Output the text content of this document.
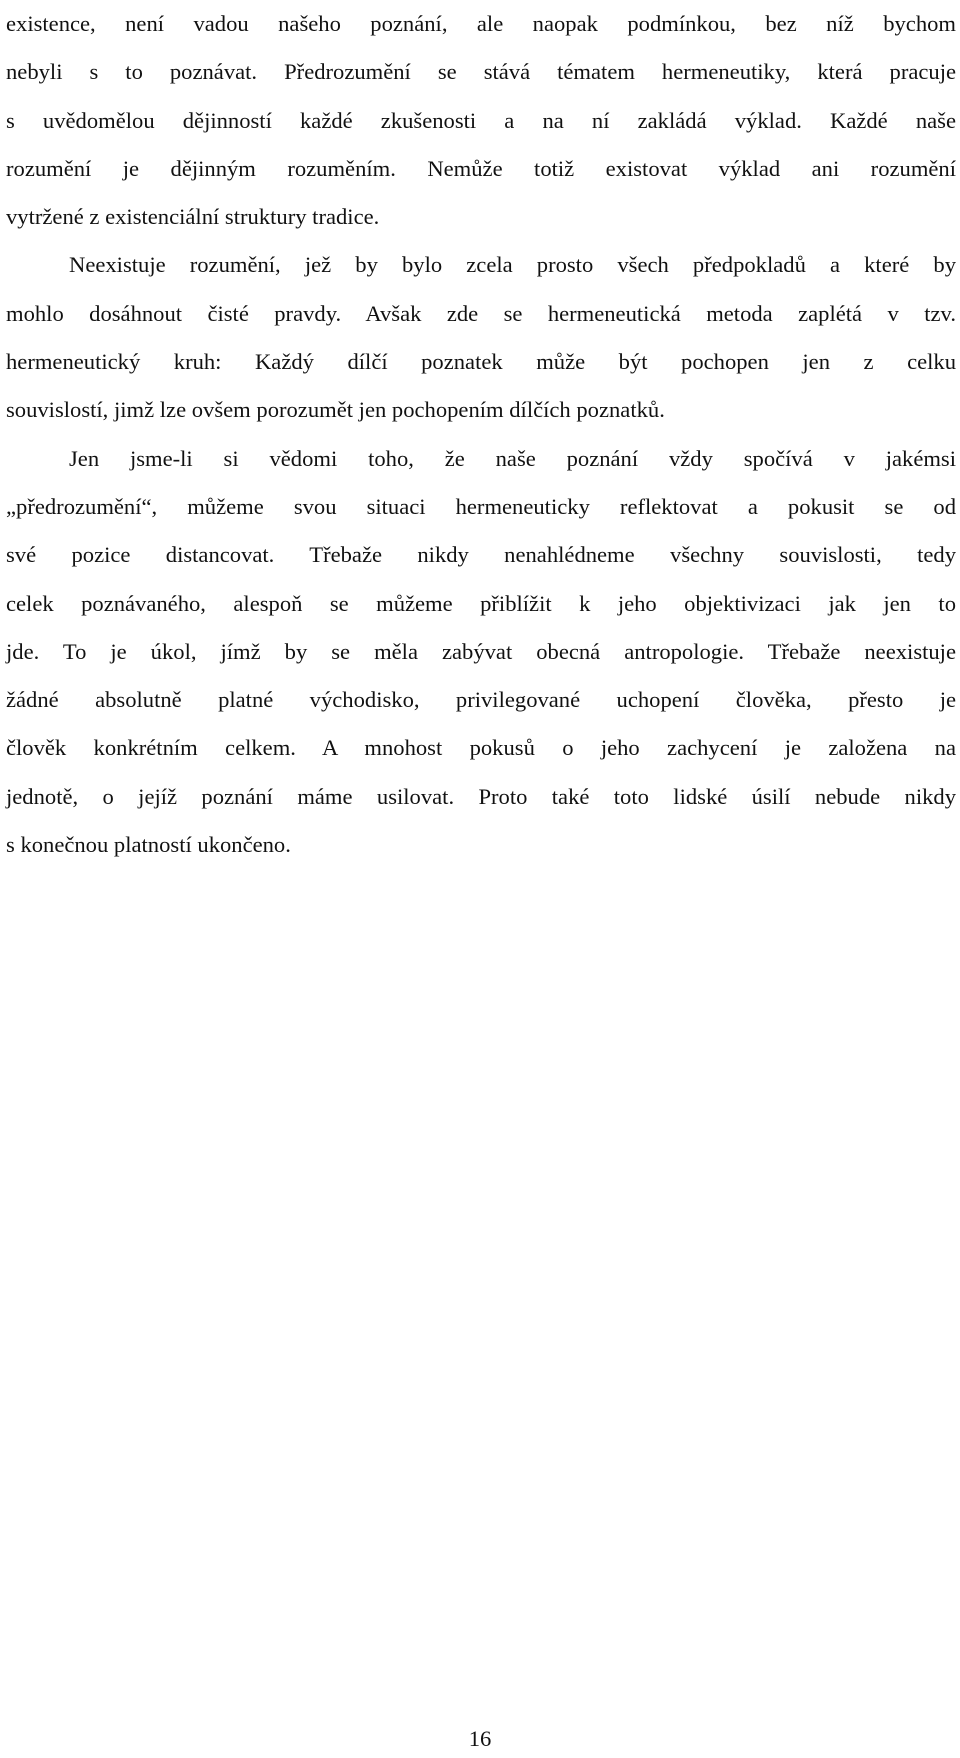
existence, není vadou našeho poznání, ale naopak podmínkou, bez níž bychom
nebyli s to poznávat. Předrozumění se stává tématem hermeneutiky, která pracuje
s uvědomělou dějinností každé zkušenosti a na ní zakládá výklad. Každé naše
rozumění je dějinným rozuměním. Nemůže totiž existovat výklad ani rozumění
vytržené z existenciální struktury tradice.
Neexistuje rozumění, jež by bylo zcela prosto všech předpokladů a které by
mohlo dosáhnout čisté pravdy. Avšak zde se hermeneutická metoda zaplétá v tzv.
hermeneutický kruh: Každý dílčí poznatek může být pochopen jen z celku
souvislostí, jimž lze ovšem porozumět jen pochopením dílčích poznatků.
Jen jsme-li si vědomi toho, že naše poznání vždy spočívá v jakémsi
„předrozumění“, můžeme svou situaci hermeneuticky reflektovat a pokusit se od
své pozice distancovat. Třebaže nikdy nenahlédneme všechny souvislosti, tedy
celek poznávaného, alespoň se můžeme přiblížit k jeho objektivizaci jak jen to
jde. To je úkol, jímž by se měla zabývat obecná antropologie. Třebaže neexistuje
žádné absolutně platné východisko, privilegované uchopení člověka, přesto je
člověk konkrétním celkem. A mnohost pokusů o jeho zachycení je založena na
jednotě, o jejíž poznání máme usilovat. Proto také toto lidské úsilí nebude nikdy
s konečnou platností ukončeno.
16
